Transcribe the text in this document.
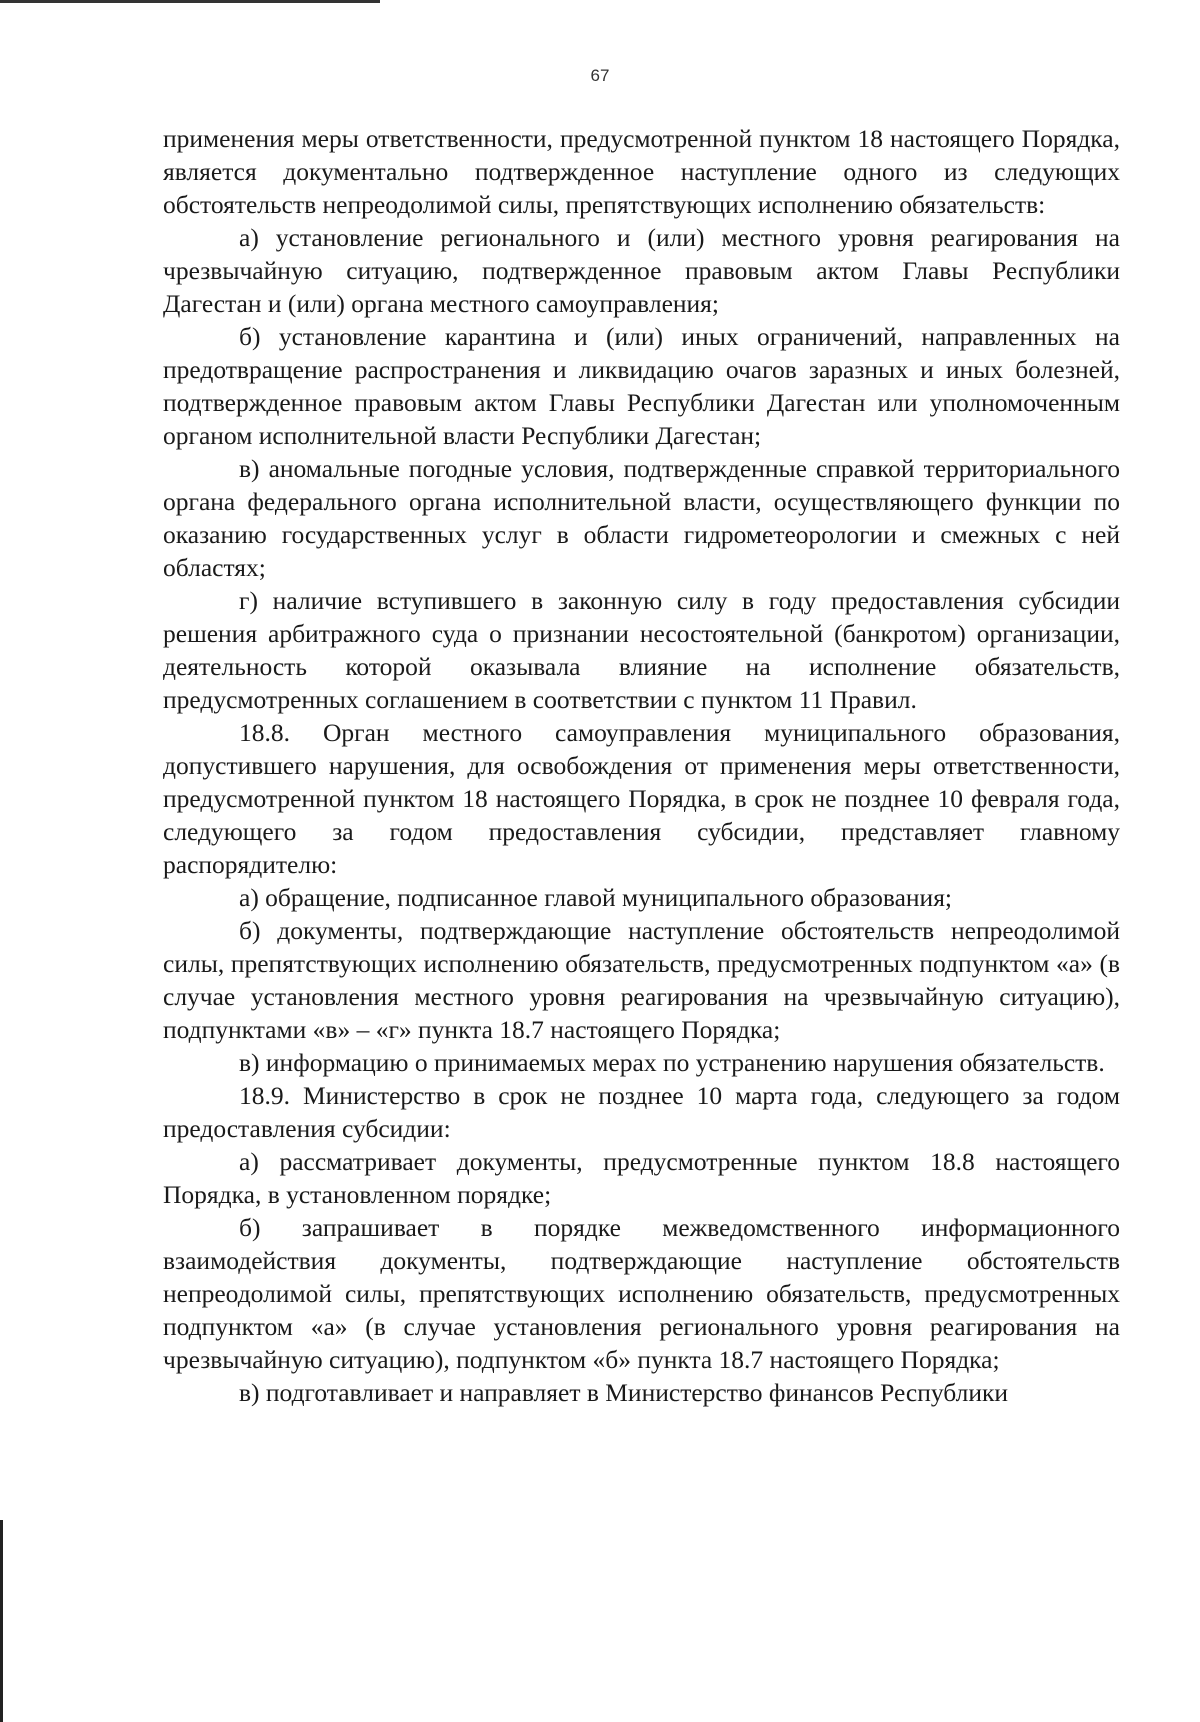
67

применения меры ответственности, предусмотренной пунктом 18 настоящего Порядка, является документально подтвержденное наступление одного из следующих обстоятельств непреодолимой силы, препятствующих исполнению обязательств:

а) установление регионального и (или) местного уровня реагирования на чрезвычайную ситуацию, подтвержденное правовым актом Главы Республики Дагестан и (или) органа местного самоуправления;

б) установление карантина и (или) иных ограничений, направленных на предотвращение распространения и ликвидацию очагов заразных и иных болезней, подтвержденное правовым актом Главы Республики Дагестан или уполномоченным органом исполнительной власти Республики Дагестан;

в) аномальные погодные условия, подтвержденные справкой территориального органа федерального органа исполнительной власти, осуществляющего функции по оказанию государственных услуг в области гидрометеорологии и смежных с ней областях;

г) наличие вступившего в законную силу в году предоставления субсидии решения арбитражного суда о признании несостоятельной (банкротом) организации, деятельность которой оказывала влияние на исполнение обязательств, предусмотренных соглашением в соответствии с пунктом 11 Правил.

18.8. Орган местного самоуправления муниципального образования, допустившего нарушения, для освобождения от применения меры ответственности, предусмотренной пунктом 18 настоящего Порядка, в срок не позднее 10 февраля года, следующего за годом предоставления субсидии, представляет главному распорядителю:

а) обращение, подписанное главой муниципального образования;

б) документы, подтверждающие наступление обстоятельств непреодолимой силы, препятствующих исполнению обязательств, предусмотренных подпунктом «а» (в случае установления местного уровня реагирования на чрезвычайную ситуацию), подпунктами «в» – «г» пункта 18.7 настоящего Порядка;

в) информацию о принимаемых мерах по устранению нарушения обязательств.

18.9. Министерство в срок не позднее 10 марта года, следующего за годом предоставления субсидии:

а) рассматривает документы, предусмотренные пунктом 18.8 настоящего Порядка, в установленном порядке;

б) запрашивает в порядке межведомственного информационного взаимодействия документы, подтверждающие наступление обстоятельств непреодолимой силы, препятствующих исполнению обязательств, предусмотренных подпунктом «а» (в случае установления регионального уровня реагирования на чрезвычайную ситуацию), подпунктом «б» пункта 18.7 настоящего Порядка;

в) подготавливает и направляет в Министерство финансов Республики
